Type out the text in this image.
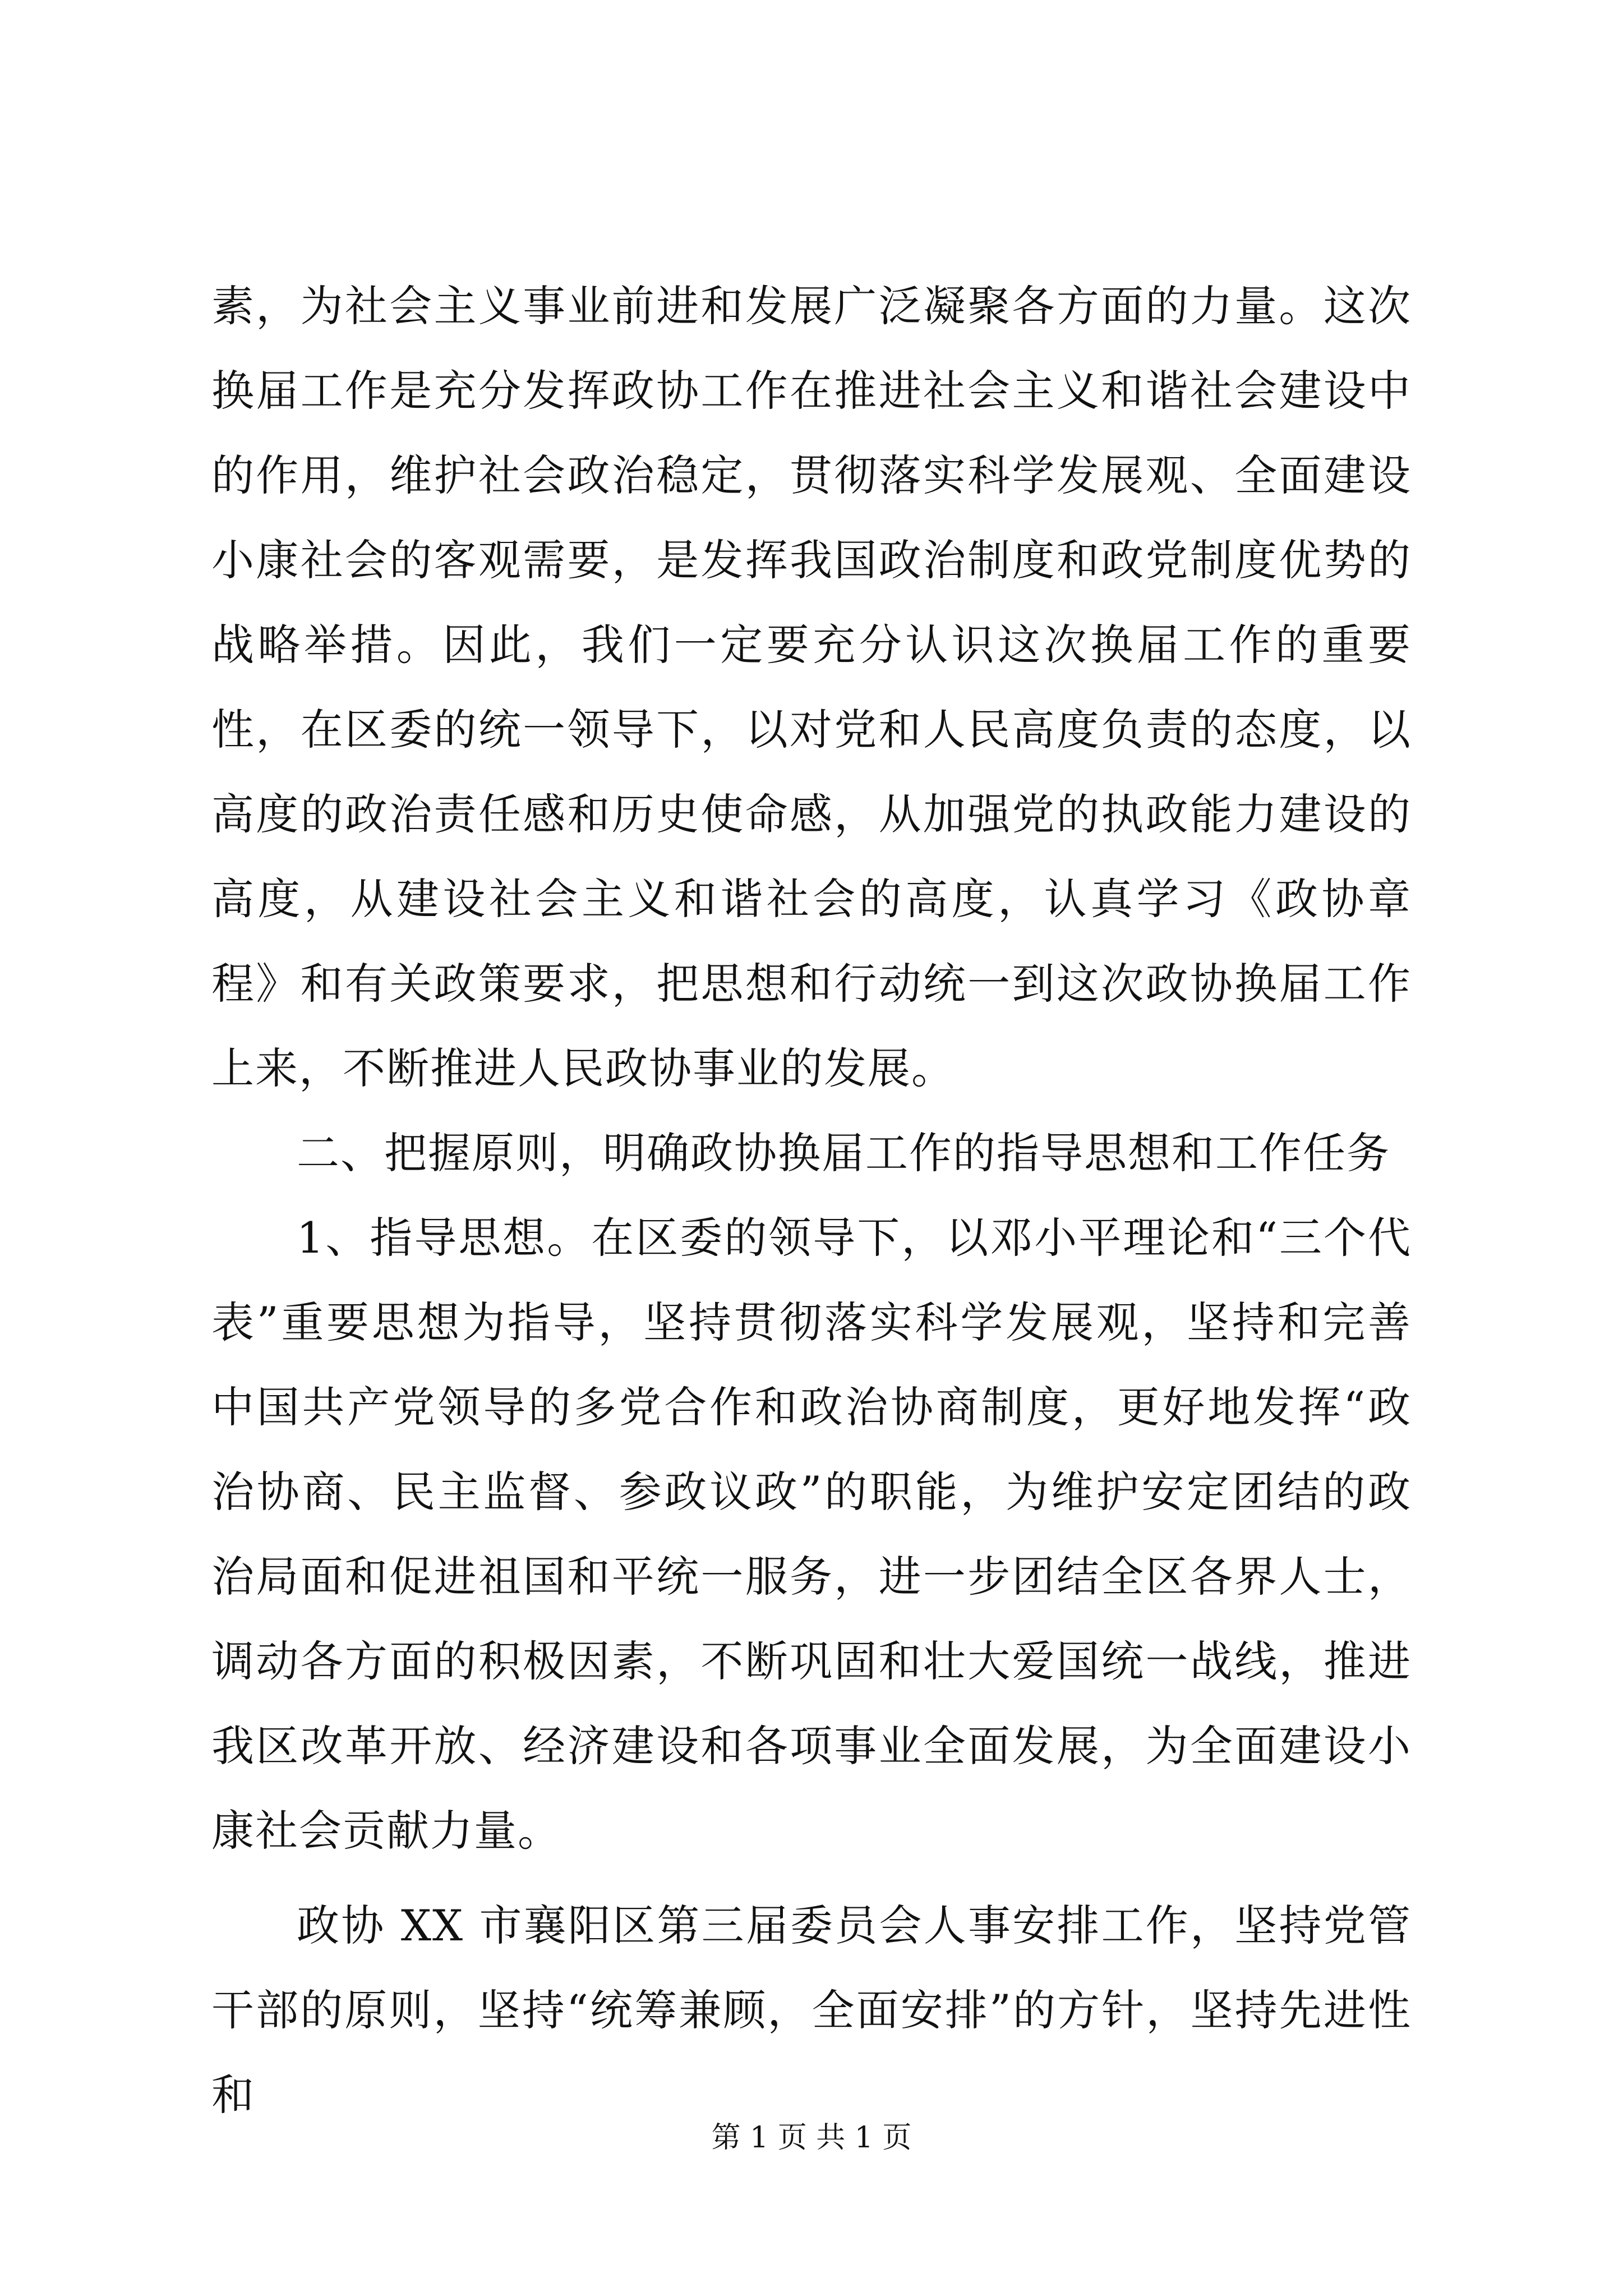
素，为社会主义事业前进和发展广泛凝聚各方面的力量。这次换届工作是充分发挥政协工作在推进社会主义和谐社会建设中的作用，维护社会政治稳定，贯彻落实科学发展观、全面建设小康社会的客观需要，是发挥我国政治制度和政党制度优势的战略举措。因此，我们一定要充分认识这次换届工作的重要性，在区委的统一领导下，以对党和人民高度负责的态度，以高度的政治责任感和历史使命感，从加强党的执政能力建设的高度，从建设社会主义和谐社会的高度，认真学习《政协章程》和有关政策要求，把思想和行动统一到这次政协换届工作上来，不断推进人民政协事业的发展。

二、把握原则，明确政协换届工作的指导思想和工作任务

1、指导思想。在区委的领导下，以邓小平理论和“三个代表”重要思想为指导，坚持贯彻落实科学发展观，坚持和完善中国共产党领导的多党合作和政治协商制度，更好地发挥“政治协商、民主监督、参政议政”的职能，为维护安定团结的政治局面和促进祖国和平统一服务，进一步团结全区各界人士，调动各方面的积极因素，不断巩固和壮大爱国统一战线，推进我区改革开放、经济建设和各项事业全面发展，为全面建设小康社会贡献力量。

政协 XX 市襄阳区第三届委员会人事安排工作，坚持党管干部的原则，坚持“统筹兼顾，全面安排”的方针，坚持先进性和

第 1 页 共 1 页
